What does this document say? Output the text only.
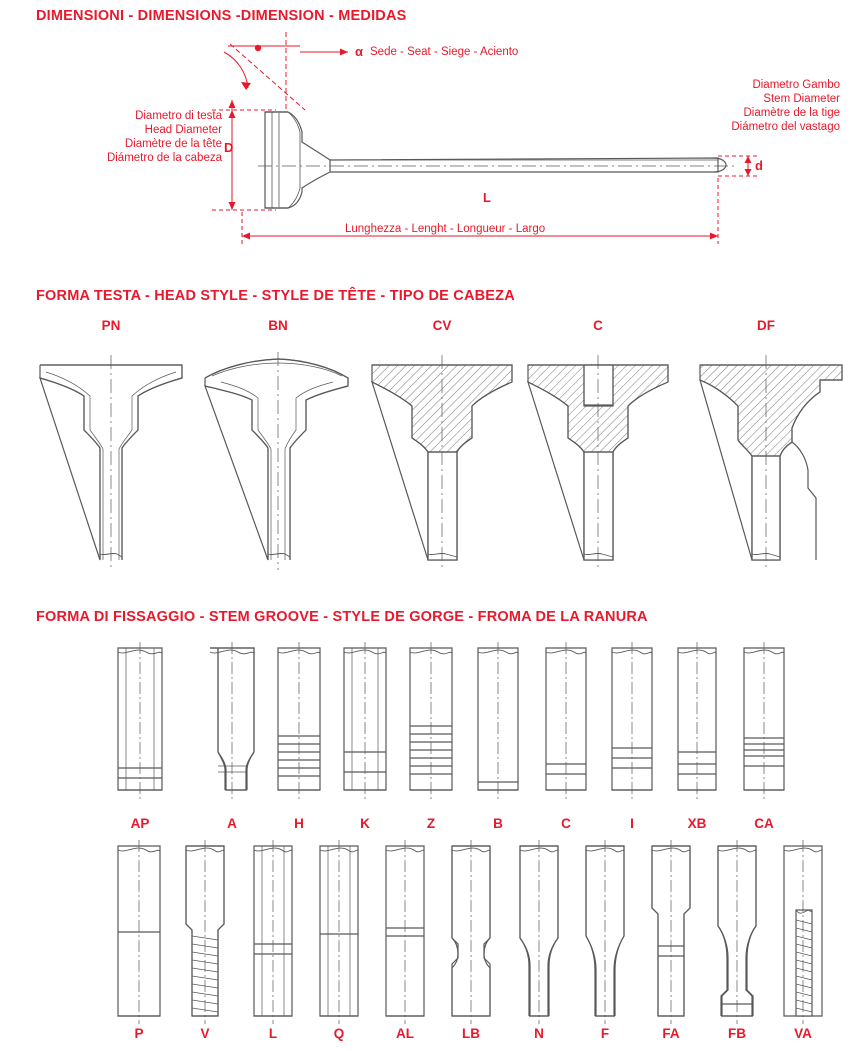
DIMENSIONI - DIMENSIONS -DIMENSION - MEDIDAS
α Sede - Seat - Siege - Aciento
Diametro di testa
Head Diameter
Diamètre de la tête
Diámetro de la cabeza
D
Diametro Gambo
Stem Diameter
Diamètre de la tige
Diámetro del vastago
d
L
Lunghezza - Lenght - Longueur - Largo
FORMA TESTA - HEAD STYLE - STYLE DE TÊTE - TIPO DE CABEZA
PN	BN	CV	C	DF
FORMA DI FISSAGGIO - STEM GROOVE - STYLE DE GORGE - FROMA DE LA RANURA
AP	A	H	K	Z	B	C	I	XB	CA
P	V	L	Q	AL	LB	N	F	FA	FB	VA
